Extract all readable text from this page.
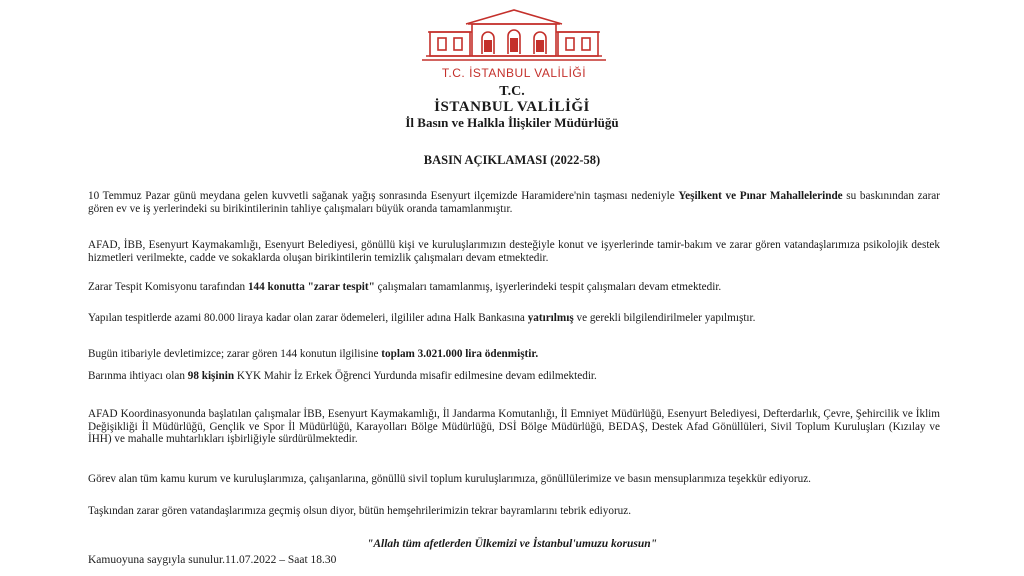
T.C. İSTANBUL VALİLİĞİ
T.C.
İSTANBUL VALİLİĞİ
İl Basın ve Halkla İlişkiler Müdürlüğü
BASIN AÇIKLAMASI (2022-58)

10 Temmuz Pazar günü meydana gelen kuvvetli sağanak yağış sonrasında Esenyurt ilçemizde Haramidere'nin taşması nedeniyle Yeşilkent ve Pınar Mahallelerinde su baskınından zarar gören ev ve iş yerlerindeki su birikintilerinin tahliye çalışmaları büyük oranda tamamlanmıştır.

AFAD, İBB, Esenyurt Kaymakamlığı, Esenyurt Belediyesi, gönüllü kişi ve kuruluşlarımızın desteğiyle konut ve işyerlerinde tamir-bakım ve zarar gören vatandaşlarımıza psikolojik destek hizmetleri verilmekte, cadde ve sokaklarda oluşan birikintilerin temizlik çalışmaları devam etmektedir.

Zarar Tespit Komisyonu tarafından 144 konutta "zarar tespit" çalışmaları tamamlanmış, işyerlerindeki tespit çalışmaları devam etmektedir.

Yapılan tespitlerde azami 80.000 liraya kadar olan zarar ödemeleri, ilgililer adına Halk Bankasına yatırılmış ve gerekli bilgilendirilmeler yapılmıştır.

Bugün itibariyle devletimizce; zarar gören 144 konutun ilgilisine toplam 3.021.000 lira ödenmiştir.

Barınma ihtiyacı olan 98 kişinin KYK Mahir İz Erkek Öğrenci Yurdunda misafir edilmesine devam edilmektedir.

AFAD Koordinasyonunda başlatılan çalışmalar İBB, Esenyurt Kaymakamlığı, İl Jandarma Komutanlığı, İl Emniyet Müdürlüğü, Esenyurt Belediyesi, Defterdarlık, Çevre, Şehircilik ve İklim Değişikliği İl Müdürlüğü, Gençlik ve Spor İl Müdürlüğü, Karayolları Bölge Müdürlüğü, DSİ Bölge Müdürlüğü, BEDAŞ, Destek Afad Gönüllüleri, Sivil Toplum Kuruluşları (Kızılay ve İHH) ve mahalle muhtarlıkları işbirliğiyle sürdürülmektedir.

Görev alan tüm kamu kurum ve kuruluşlarımıza, çalışanlarına, gönüllü sivil toplum kuruluşlarımıza, gönüllülerimize ve basın mensuplarımıza teşekkür ediyoruz.

Taşkından zarar gören vatandaşlarımıza geçmiş olsun diyor, bütün hemşehrilerimizin tekrar bayramlarını tebrik ediyoruz.

"Allah tüm afetlerden Ülkemizi ve İstanbul'umuzu korusun"
Kamuoyuna saygıyla sunulur.11.07.2022 – Saat 18.30
